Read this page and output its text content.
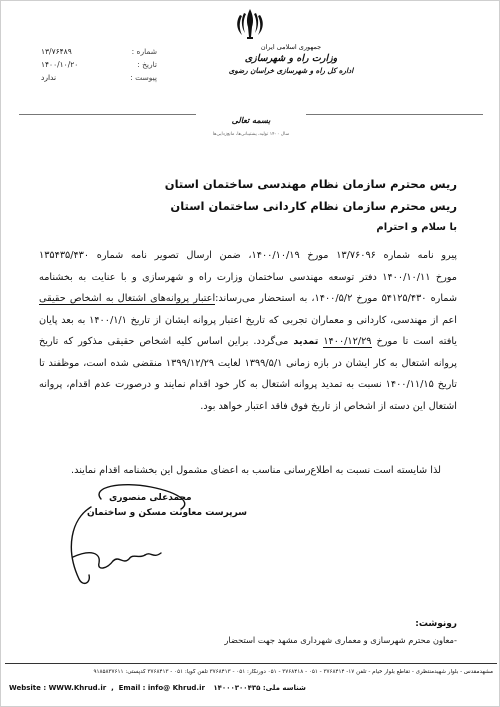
جمهوری اسلامی ایران
وزارت راه و شهرسازی
اداره کل راه و شهرسازی خراسان رضوی
شماره :
۱۳/۷۶۴۸۹
تاریخ :
۱۴۰۰/۱۰/۲۰
پیوست :
ندارد
بسمه تعالی
سال ۱۴۰۰ تولید، پشتیبانی‌ها، مانع‌زدایی‌ها
ریس محترم سازمان نظام مهندسی ساختمان استان
ریس محترم سازمان نظام کاردانی ساختمان استان
با سلام و احترام
پیرو نامه شماره ۱۳/۷۶۰۹۶ مورخ ۱۴۰۰/۱۰/۱۹، ضمن ارسال تصویر نامه شماره ۱۳۵۴۳۵/۴۳۰
مورخ ۱۴۰۰/۱۰/۱۱ دفتر توسعه مهندسی ساختمان وزارت راه و شهرسازی و با عنایت به بخشنامه
شماره ۵۴۱۲۵/۴۳۰ مورخ ۱۴۰۰/۵/۲، به استحضار می‌رساند:اعتبار پروانه‌های اشتغال به اشخاص حقیقی
اعم از مهندسی، کاردانی و معماران تجربی که تاریخ اعتبار پروانه ایشان از تاریخ ۱۴۰۰/۱/۱ به بعد پایان
یافته است تا مورخ ۱۴۰۰/۱۲/۲۹ تمدید می‌گردد. براین اساس کلیه اشخاص حقیقی مذکور که تاریخ
پروانه اشتغال به کار ایشان در بازه زمانی ۱۳۹۹/۵/۱ لغایت ۱۳۹۹/۱۲/۲۹ منقضی شده است، موظفند تا
تاریخ ۱۴۰۰/۱۱/۱۵ نسبت به تمدید پروانه اشتغال به کار خود اقدام نمایند و درصورت عدم اقدام، پروانه
اشتغال این دسته از اشخاص از تاریخ فوق فاقد اعتبار خواهد بود.
لذا شایسته است نسبت به اطلاع‌رسانی مناسب به اعضای مشمول این بخشنامه اقدام نمایند.
محمدعلی منصوری
سرپرست معاونت مسکن و ساختمان
رونوشت:
-معاون محترم شهرسازی و معماری شهرداری مشهد جهت استحضار
مشهدمقدس - بلوار شهیدمنتظری - تقاطع بلوار خیام - تلفن ۱۷- ۳۷۶۸۴۱۴ - ۰۵۱ - ۳۷۶۸۴۱۸ - ۰۵۱ دورنگار: ۰۵۱ - ۳۷۶۸۴۱۳ تلفن گویا: ۰۵۱ - ۳۷۶۸۴۱۳ کدپستی: ۹۱۸۵۸۳۷۶۱۱
Website : WWW.Khrud.ir  ,  Email : info@ Khrud.ir شناسه ملی: ۱۴۰۰۰۳۰۰۴۳۵
